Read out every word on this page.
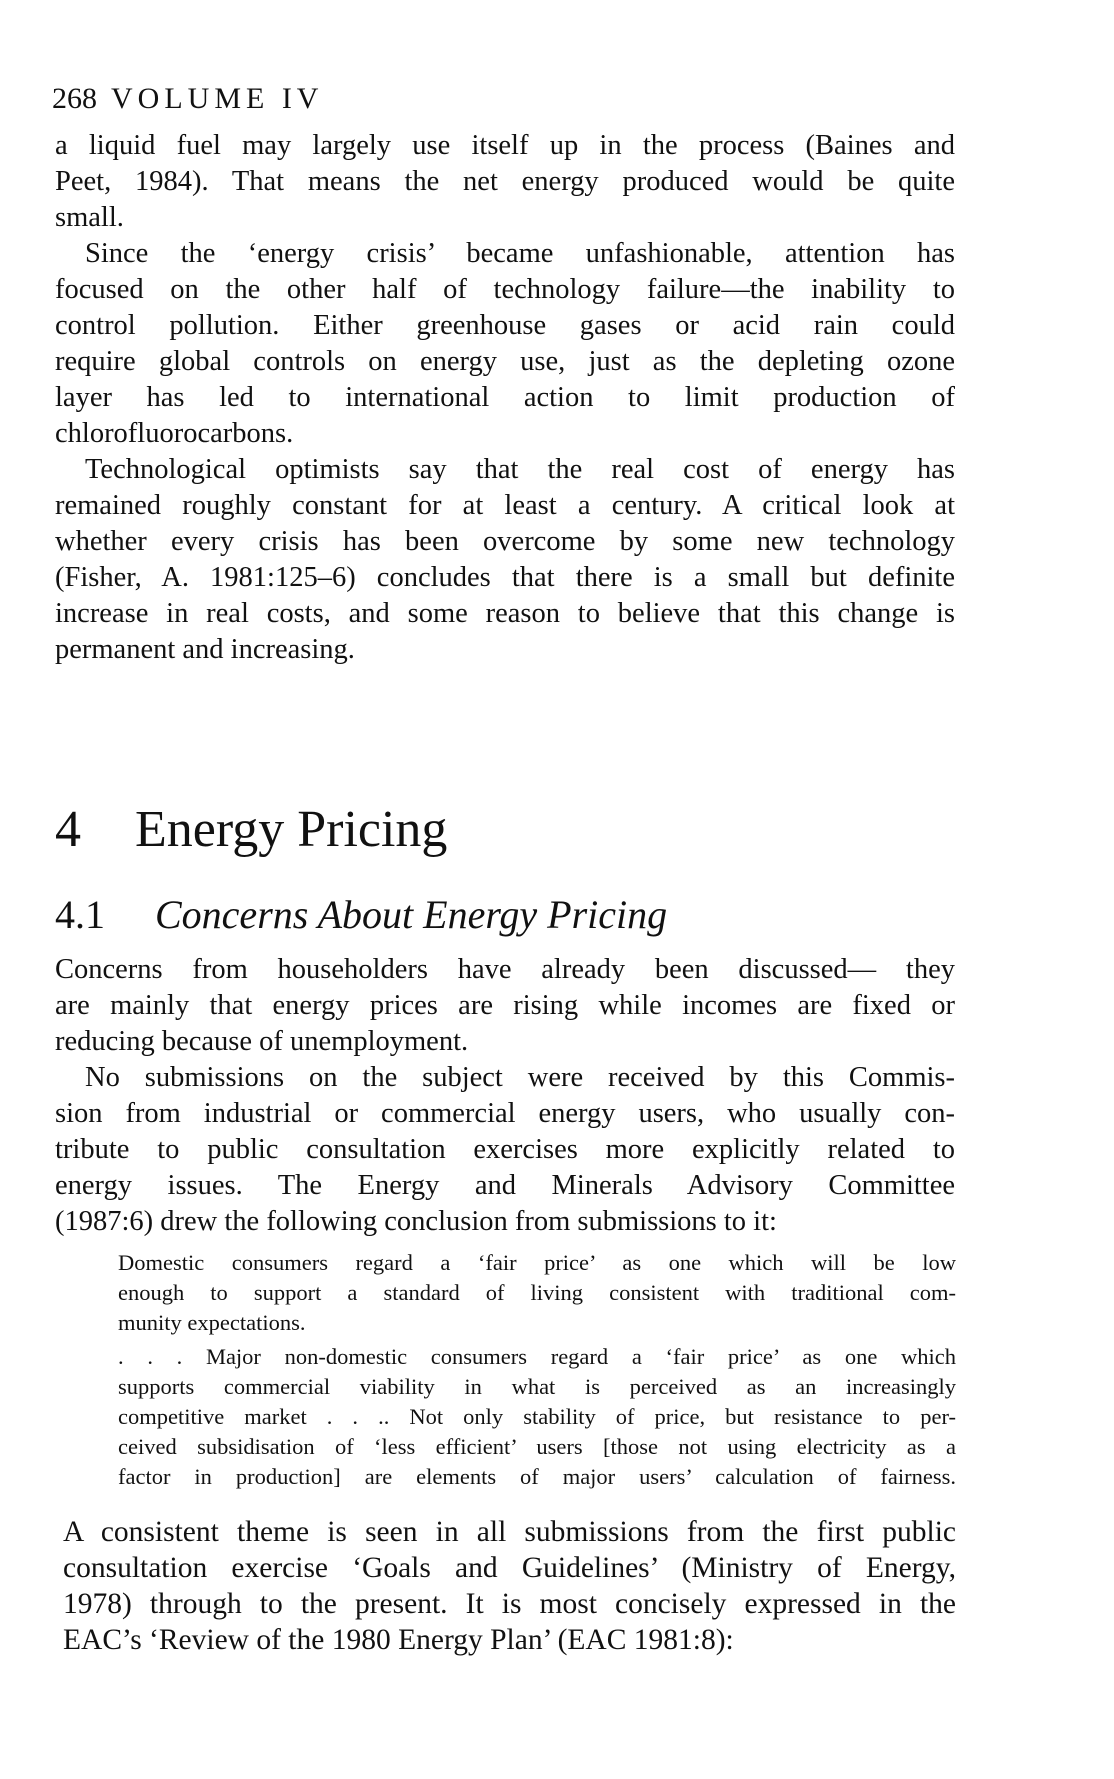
268 VOLUME IV
a liquid fuel may largely use itself up in the process (Baines and
Peet, 1984). That means the net energy produced would be quite
small.
Since the ‘energy crisis’ became unfashionable, attention has
focused on the other half of technology failure—the inability to
control pollution. Either greenhouse gases or acid rain could
require global controls on energy use, just as the depleting ozone
layer has led to international action to limit production of
chlorofluorocarbons.
Technological optimists say that the real cost of energy has
remained roughly constant for at least a century. A critical look at
whether every crisis has been overcome by some new technology
(Fisher, A. 1981:125–6) concludes that there is a small but definite
increase in real costs, and some reason to believe that this change is
permanent and increasing.
4 Energy Pricing
4.1 Concerns About Energy Pricing
Concerns from householders have already been discussed— they
are mainly that energy prices are rising while incomes are fixed or
reducing because of unemployment.
No submissions on the subject were received by this Commis-
sion from industrial or commercial energy users, who usually con-
tribute to public consultation exercises more explicitly related to
energy issues. The Energy and Minerals Advisory Committee
(1987:6) drew the following conclusion from submissions to it:
Domestic consumers regard a ‘fair price’ as one which will be low
enough to support a standard of living consistent with traditional com-
munity expectations.
. . . Major non-domestic consumers regard a ‘fair price’ as one which
supports commercial viability in what is perceived as an increasingly
competitive market . . .. Not only stability of price, but resistance to per-
ceived subsidisation of ‘less efficient’ users [those not using electricity as a
factor in production] are elements of major users’ calculation of fairness.
A consistent theme is seen in all submissions from the first public
consultation exercise ‘Goals and Guidelines’ (Ministry of Energy,
1978) through to the present. It is most concisely expressed in the
EAC’s ‘Review of the 1980 Energy Plan’ (EAC 1981:8):
